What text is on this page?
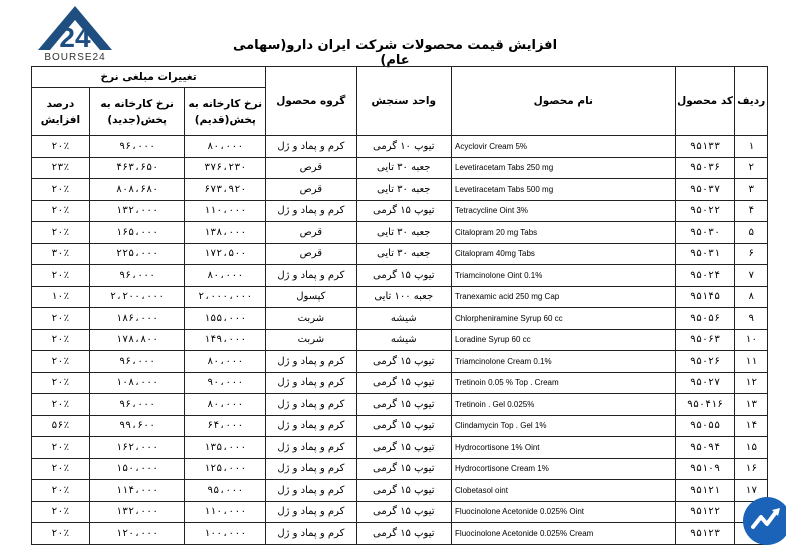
24
BOURSE24
افزایش قیمت محصولات شرکت ایران دارو(سهامی عام)
ردیف	کد محصول	نام محصول	واحد سنجش	گروه محصول	تغییرات مبلغی نرخ		
					نرخ کارخانه به پخش(قدیم)	نرخ کارخانه به پخش(جدید)	درصد افزایش
۱	۹۵۱۳۳	Acyclovir Cream 5%	تیوپ ۱۰ گرمی	کرم و پماد و ژل	۸۰،۰۰۰	۹۶،۰۰۰	۲۰٪
۲	۹۵۰۳۶	Levetiracetam Tabs 250 mg	جعبه ۳۰ تایی	قرص	۳۷۶،۲۳۰	۴۶۳،۶۵۰	۲۳٪
۳	۹۵۰۳۷	Levetiracetam Tabs 500 mg	جعبه ۳۰ تایی	قرص	۶۷۳،۹۲۰	۸۰۸،۶۸۰	۲۰٪
۴	۹۵۰۲۲	Tetracycline Oint 3%	تیوپ ۱۵ گرمی	کرم و پماد و ژل	۱۱۰،۰۰۰	۱۳۲،۰۰۰	۲۰٪
۵	۹۵۰۳۰	Citalopram 20 mg Tabs	جعبه ۳۰ تایی	قرص	۱۳۸،۰۰۰	۱۶۵،۰۰۰	۲۰٪
۶	۹۵۰۳۱	Citalopram 40mg Tabs	جعبه ۳۰ تایی	قرص	۱۷۲،۵۰۰	۲۲۵،۰۰۰	۳۰٪
۷	۹۵۰۲۴	Triamcinolone Oint 0.1%	تیوپ ۱۵ گرمی	کرم و پماد و ژل	۸۰،۰۰۰	۹۶،۰۰۰	۲۰٪
۸	۹۵۱۴۵	Tranexamic acid 250 mg Cap	جعبه ۱۰۰ تایی	کپسول	۲،۰۰۰،۰۰۰	۲،۲۰۰،۰۰۰	۱۰٪
۹	۹۵۰۵۶	Chlorpheniramine Syrup 60 cc	شیشه	شربت	۱۵۵،۰۰۰	۱۸۶،۰۰۰	۲۰٪
۱۰	۹۵۰۶۳	Loradine Syrup 60 cc	شیشه	شربت	۱۴۹،۰۰۰	۱۷۸،۸۰۰	۲۰٪
۱۱	۹۵۰۲۶	Triamcinolone Cream 0.1%	تیوپ ۱۵ گرمی	کرم و پماد و ژل	۸۰،۰۰۰	۹۶،۰۰۰	۲۰٪
۱۲	۹۵۰۲۷	Tretinoin 0.05 % Top . Cream	تیوپ ۱۵ گرمی	کرم و پماد و ژل	۹۰،۰۰۰	۱۰۸،۰۰۰	۲۰٪
۱۳	۹۵۰۴۱۶	Tretinoin . Gel 0.025%	تیوپ ۱۵ گرمی	کرم و پماد و ژل	۸۰،۰۰۰	۹۶،۰۰۰	۲۰٪
۱۴	۹۵۰۵۵	Clindamycin Top . Gel 1%	تیوپ ۱۵ گرمی	کرم و پماد و ژل	۶۴،۰۰۰	۹۹،۶۰۰	۵۶٪
۱۵	۹۵۰۹۴	Hydrocortisone 1% Oint	تیوپ ۱۵ گرمی	کرم و پماد و ژل	۱۳۵،۰۰۰	۱۶۲،۰۰۰	۲۰٪
۱۶	۹۵۱۰۹	Hydrocortisone Cream 1%	تیوپ ۱۵ گرمی	کرم و پماد و ژل	۱۲۵،۰۰۰	۱۵۰،۰۰۰	۲۰٪
۱۷	۹۵۱۲۱	Clobetasol oint	تیوپ ۱۵ گرمی	کرم و پماد و ژل	۹۵،۰۰۰	۱۱۴،۰۰۰	۲۰٪
	۹۵۱۲۲	Fluocinolone Acetonide 0.025% Oint	تیوپ ۱۵ گرمی	کرم و پماد و ژل	۱۱۰،۰۰۰	۱۳۲،۰۰۰	۲۰٪
	۹۵۱۲۳	Fluocinolone Acetonide 0.025% Cream	تیوپ ۱۵ گرمی	کرم و پماد و ژل	۱۰۰،۰۰۰	۱۲۰،۰۰۰	۲۰٪
